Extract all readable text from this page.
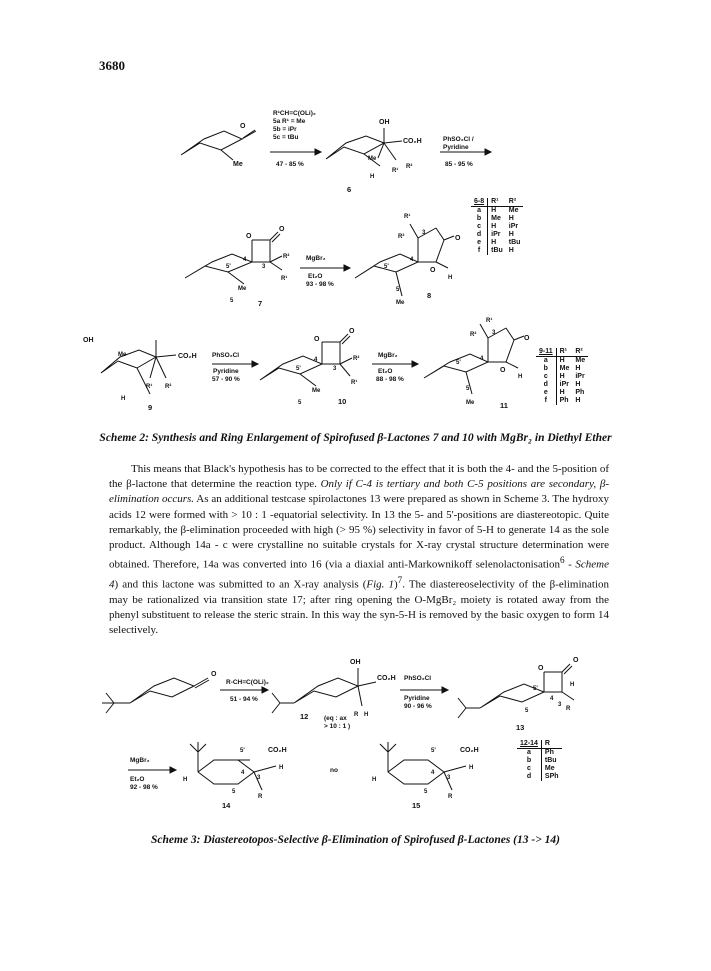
3680
O
Me
O
O
4
3
5'
R²
R¹
Me
5
O
R¹
R²
3
4
5'	O
H
5
Me
OH
CO₂H
Me
R¹ R²
H
O
O
R²
R¹
Me
5'
4
3
5
O
R¹
R²	3
4
5'
O
H
5
Me
OH
CO₂H
Me
R¹
R²
H
R¹CH=C(OLi)₂
5a R¹ = Me
5b = iPr
5c = tBu
47 - 85 %
PhSO₂Cl /
Pyridine
85 - 95 %
MgBr₂
Et₂O
93 - 98 %
PhSO₂Cl
Pyridine
57 - 90 %
MgBr₂
Et₂O
88 - 98 %
6
7
8
9
10	11
6-8	R¹	R²
a	H	Me
b	Me	H
c	H	iPr
d	iPr	H
e	H	tBu
f	tBu	H
9-11	R¹	R²
a	H	Me
b	Me	H
c	H	iPr
d	iPr	H
e	H	Ph
f	Ph	H
Scheme 2: Synthesis and Ring Enlargement of Spirofused β-Lactones 7 and 10 with MgBr₂ in Diethyl Ether

This means that Black's hypothesis has to be corrected to the effect that it is both the 4- and the 5-position of the β-lactone that determine the reaction type. Only if C-4 is tertiary and both C-5 positions are secondary, β-elimination occurs. As an additional testcase spirolactones 13 were prepared as shown in Scheme 3. The hydroxy acids 12 were formed with > 10 : 1 -equatorial selectivity. In 13 the 5- and 5'-positions are diastereotopic. Quite remarkably, the β-elimination proceeded with high (> 95 %) selectivity in favor of 5-H to generate 14 as the sole product. Although 14a - c were crystalline no suitable crystals for X-ray crystal structure determination were obtained. Therefore, 14a was converted into 16 (via a diaxial anti-Markownikoff selenolactonisation$^6$ - Scheme 4) and this lactone was submitted to an X-ray analysis (Fig. 1)$^7$. The diastereoselectivity of the β-elimination may be rationalized via transition state 17; after ring opening the O-MgBr₂ moiety is rotated away from the phenyl substituent to release the steric strain. In this way the syn-5-H is removed by the basic oxygen to form 14 selectively.

O
OH
CO₂H
R H
O
O
H
R
5'
4
3
5
CO₂H
H
R
H
5'
4
3
5
CO₂H
H
R
H
5'
4
3
5
R-CH=C(OLi)₂
51 - 94 %
PhSO₂Cl
Pyridine
90 - 96 %
(eq : ax
> 10 : 1 )
MgBr₂
Et₂O
92 - 98 %
no
12
13
14	15
12-14	R
a	Ph
b	tBu
c	Me
d	SPh
Scheme 3: Diastereotopos-Selective β-Elimination of Spirofused β-Lactones (13 -> 14)
